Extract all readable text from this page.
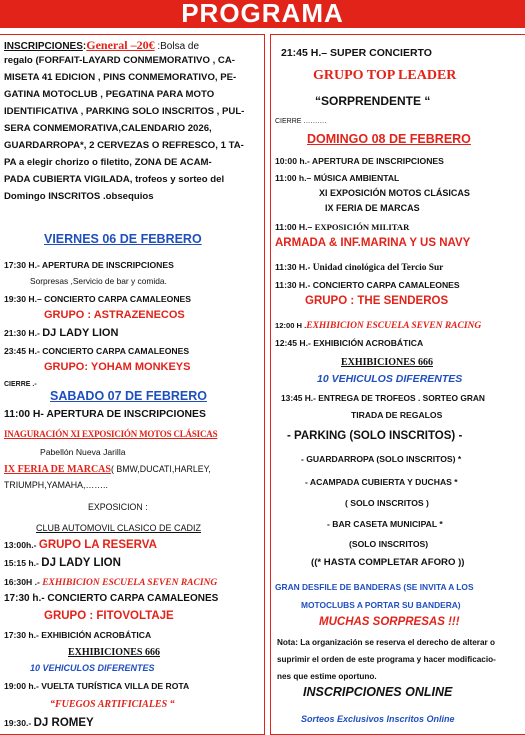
PROGRAMA
INSCRIPCIONES:General –20€ :Bolsa de
regalo (FORFAIT-LAYARD CONMEMORATIVO , CA-
MISETA 41 EDICION , PINS CONMEMORATIVO, PE-
GATINA MOTOCLUB , PEGATINA PARA MOTO
IDENTIFICATIVA , PARKING SOLO INSCRITOS , PUL-
SERA CONMEMORATIVA,CALENDARIO 2026,
GUARDARROPA*, 2 CERVEZAS O REFRESCO, 1 TA-
PA a elegir chorizo o filetito, ZONA DE ACAM-
PADA CUBIERTA VIGILADA, trofeos y sorteo del
Domingo INSCRITOS .obsequios
VIERNES 06 DE FEBRERO
17:30 H.- APERTURA DE INSCRIPCIONES
Sorpresas ,Servicio de bar y comida.
19:30 H.– CONCIERTO CARPA CAMALEONES
GRUPO : ASTRAZENECOS
21:30 H.- DJ LADY LION
23:45 H.- CONCIERTO CARPA CAMALEONES
GRUPO: YOHAM MONKEYS
CIERRE .-
SABADO 07 DE FEBRERO
11:00 H- APERTURA DE INSCRIPCIONES
INAGURACIÓN XI EXPOSICIÓN MOTOS CLÁSICAS
Pabellón Nueva Jarilla
IX FERIA DE MARCAS( BMW,DUCATI,HARLEY,
TRIUMPH,YAMAHA,……..
EXPOSICION :
CLUB AUTOMOVIL CLASICO DE CADIZ
13:00h.- GRUPO LA RESERVA
15:15 h.- DJ LADY LION
16:30H .- EXHIBICION ESCUELA SEVEN RACING
17:30 h.- CONCIERTO CARPA CAMALEONES
GRUPO : FITOVOLTAJE
17:30 h.- EXHIBICIÓN ACROBÁTICA
EXHIBICIONES 666
10 VEHICULOS DIFERENTES
19:00 h.- VUELTA TURÍSTICA VILLA DE ROTA
“FUEGOS ARTIFICIALES “
19:30.- DJ ROMEY
21:45 H.– SUPER CONCIERTO
GRUPO TOP LEADER
“SORPRENDENTE “
CIERRE ……….
DOMINGO 08 DE FEBRERO
10:00 h.- APERTURA DE INSCRIPCIONES
11:00 h.– MÚSICA AMBIENTAL
XI EXPOSICIÓN MOTOS CLÁSICAS
IX FERIA DE MARCAS
11:00 H.– EXPOSICIÓN MILITAR
ARMADA & INF.MARINA Y US NAVY
11:30 H.- Unidad cinológica del Tercio Sur
11:30 H.- CONCIERTO CARPA CAMALEONES
GRUPO : THE SENDEROS
12:00 H .EXHIBICION ESCUELA SEVEN RACING
12:45 H.- EXHIBICIÓN ACROBÁTICA
EXHIBICIONES 666
10 VEHICULOS DIFERENTES
13:45 H.- ENTREGA DE TROFEOS . SORTEO GRAN
TIRADA DE REGALOS
- PARKING (SOLO INSCRITOS) -
- GUARDARROPA (SOLO INSCRITOS) *
- ACAMPADA CUBIERTA Y DUCHAS *
( SOLO INSCRITOS )
- BAR CASETA MUNICIPAL *
(SOLO INSCRITOS)
((* HASTA COMPLETAR AFORO ))
GRAN DESFILE DE BANDERAS (SE INVITA A LOS
MOTOCLUBS A PORTAR SU BANDERA)
MUCHAS SORPRESAS !!!
Nota: La organización se reserva el derecho de alterar o
suprimir el orden de este programa y hacer modificacio-
nes que estime oportuno.
INSCRIPCIONES ONLINE
Sorteos Exclusivos Inscritos Online
